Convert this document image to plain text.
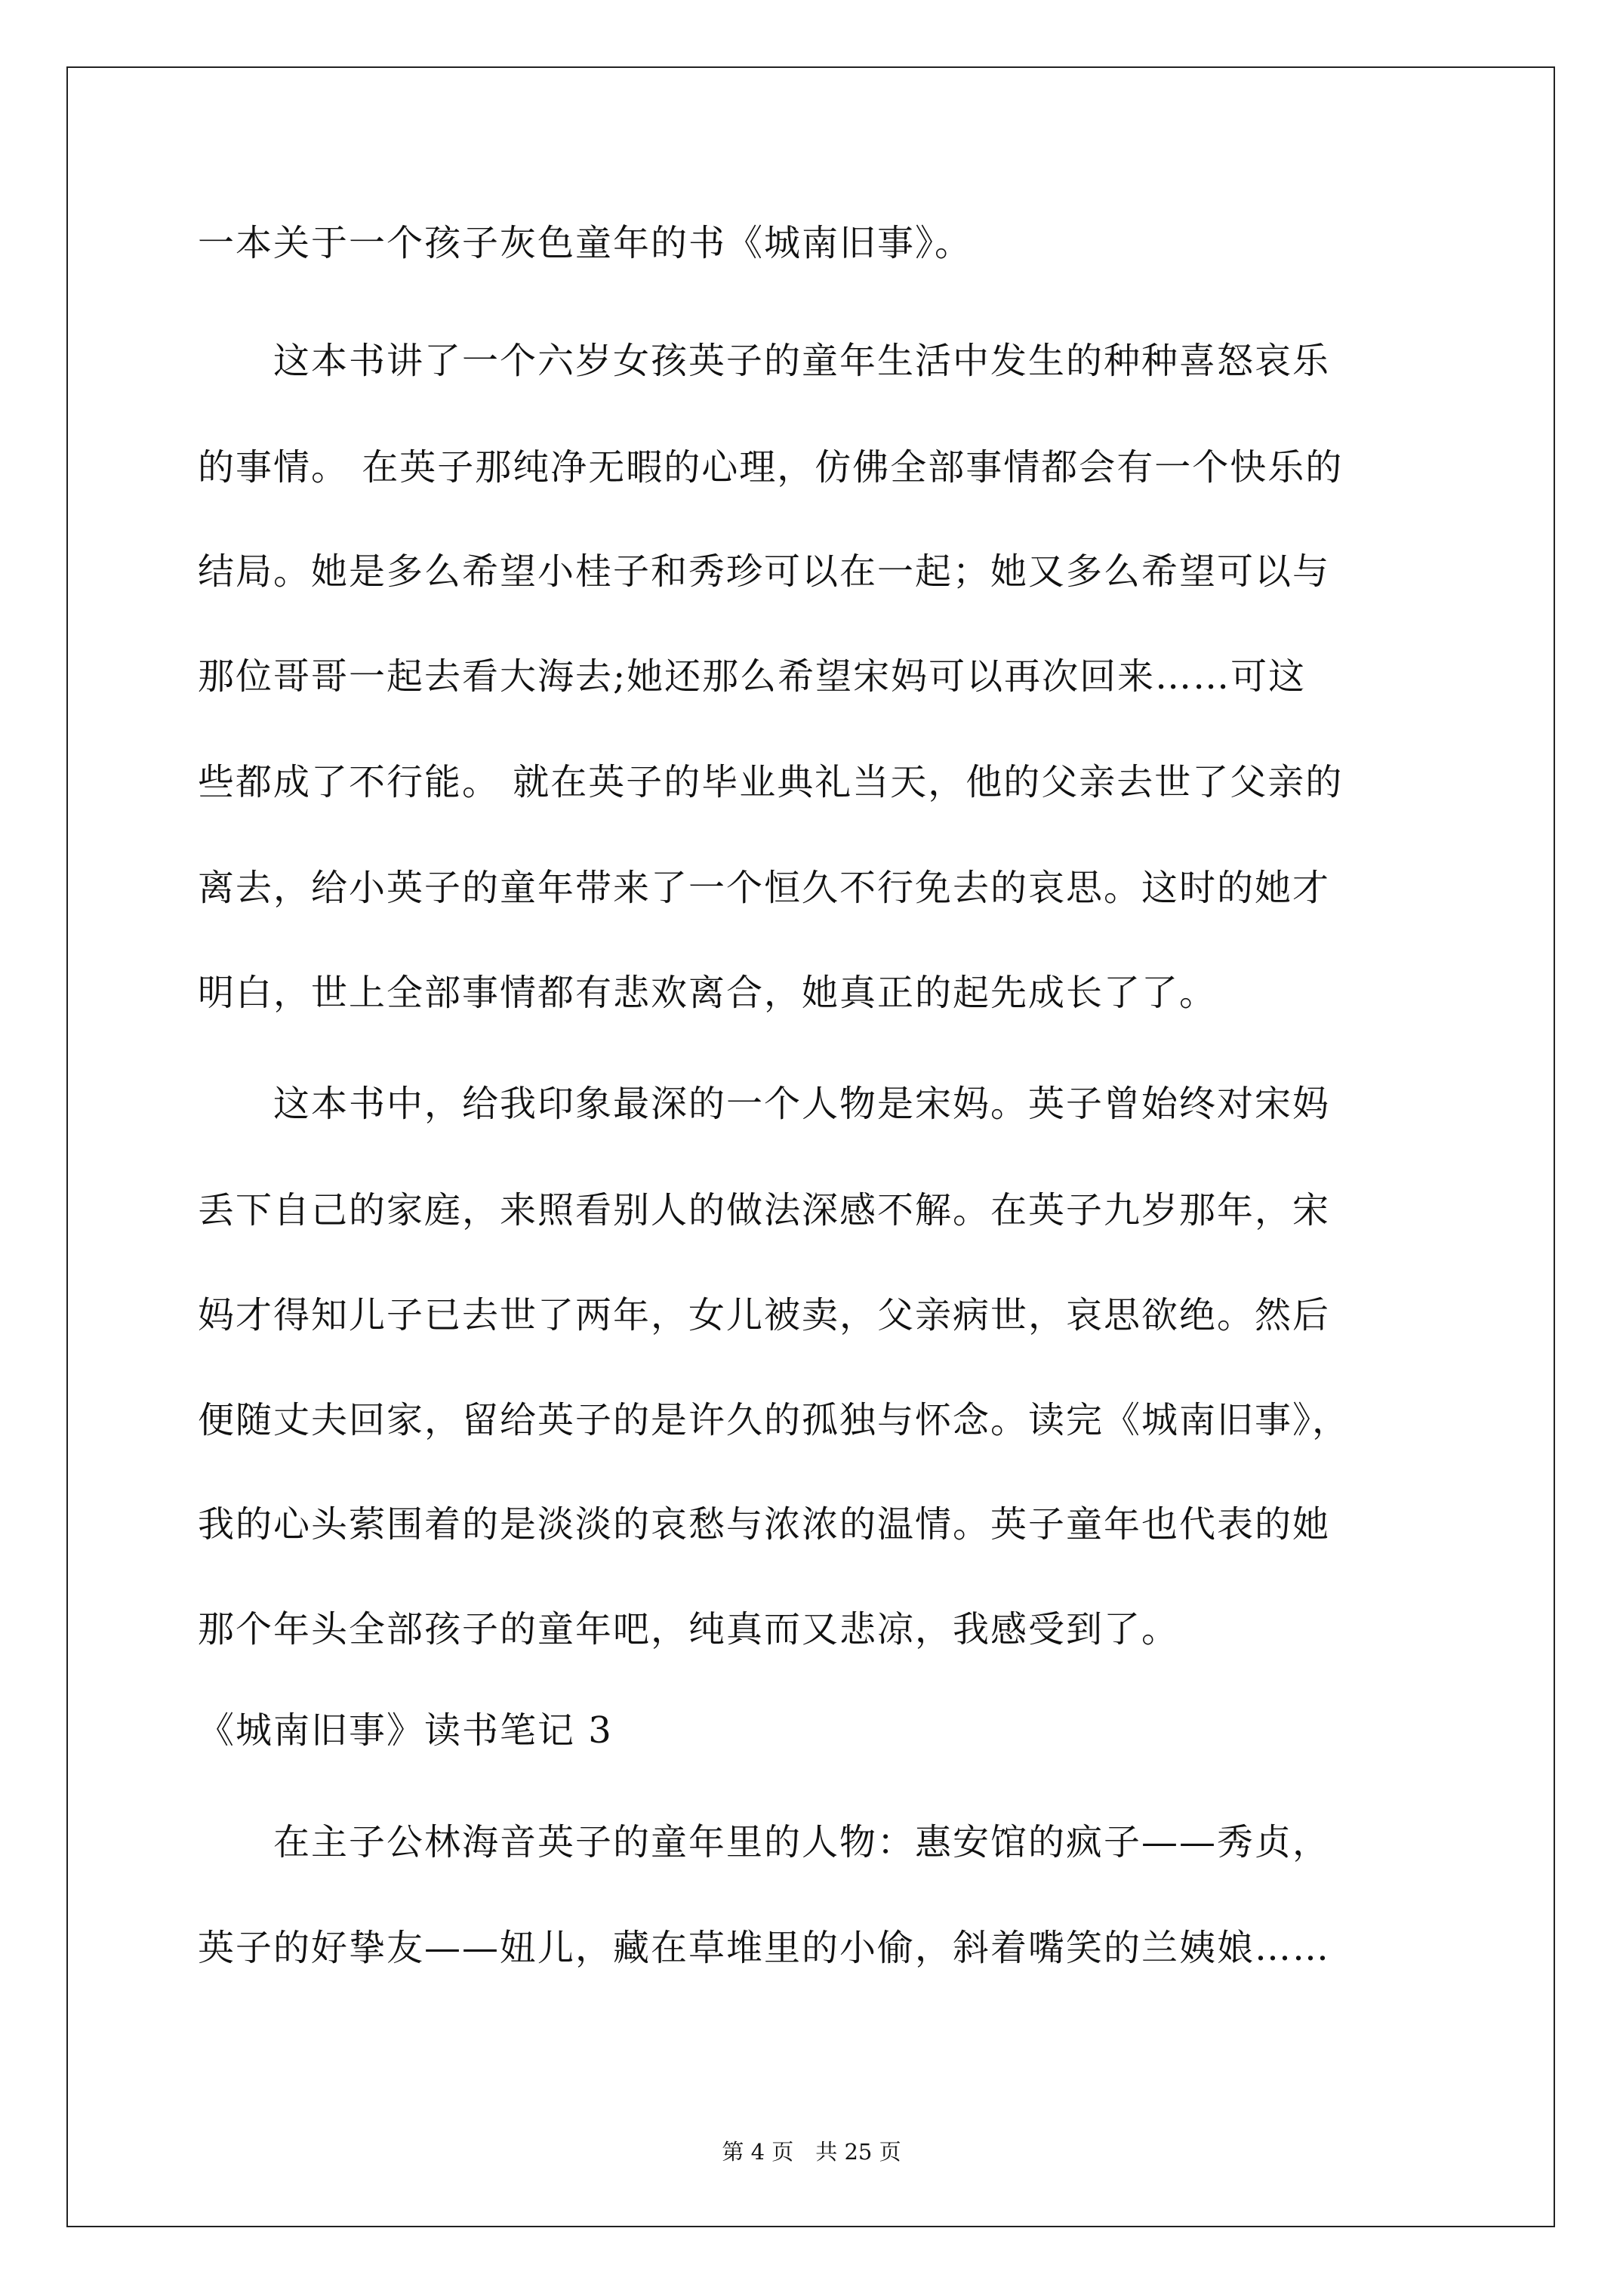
一本关于一个孩子灰色童年的书《城南旧事》。
　　这本书讲了一个六岁女孩英子的童年生活中发生的种种喜怒哀乐
的事情。 在英子那纯净无暇的心理，仿佛全部事情都会有一个快乐的
结局。她是多么希望小桂子和秀珍可以在一起；她又多么希望可以与
那位哥哥一起去看大海去;她还那么希望宋妈可以再次回来……可这
些都成了不行能。 就在英子的毕业典礼当天，他的父亲去世了父亲的
离去，给小英子的童年带来了一个恒久不行免去的哀思。这时的她才
明白，世上全部事情都有悲欢离合，她真正的起先成长了了。
　　这本书中，给我印象最深的一个人物是宋妈。英子曾始终对宋妈
丢下自己的家庭，来照看别人的做法深感不解。在英子九岁那年，宋
妈才得知儿子已去世了两年，女儿被卖，父亲病世，哀思欲绝。然后
便随丈夫回家，留给英子的是许久的孤独与怀念。读完《城南旧事》，
我的心头萦围着的是淡淡的哀愁与浓浓的温情。英子童年也代表的她
那个年头全部孩子的童年吧，纯真而又悲凉，我感受到了。
《城南旧事》读书笔记 3
　　在主子公林海音英子的童年里的人物：惠安馆的疯子——秀贞，
英子的好挚友——妞儿，藏在草堆里的小偷，斜着嘴笑的兰姨娘……
第 4 页　共 25 页
